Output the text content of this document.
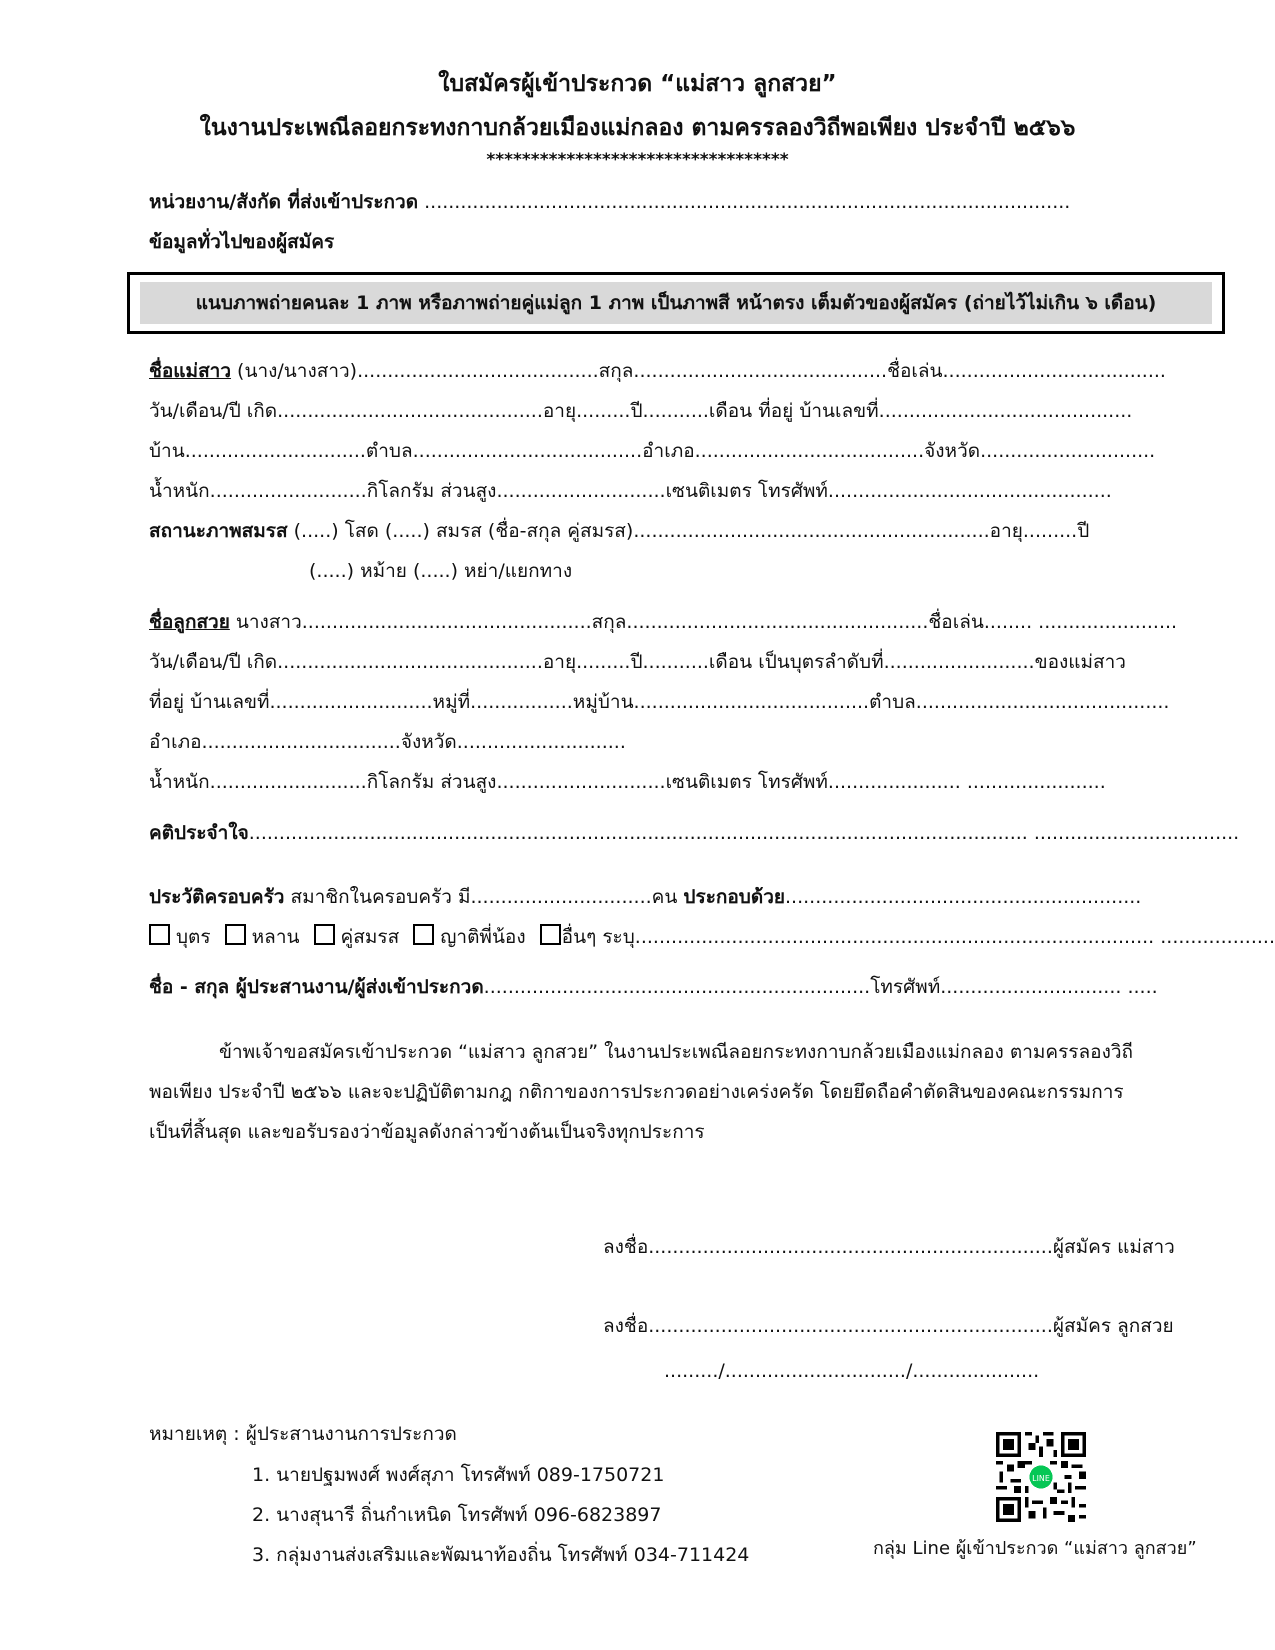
ใบสมัครผู้เข้าประกวด “แม่สาว ลูกสวย”
ในงานประเพณีลอยกระทงกาบกล้วยเมืองแม่กลอง ตามครรลองวิถีพอเพียง ประจำปี ๒๕๖๖
**********************************
หน่วยงาน/สังกัด ที่ส่งเข้าประกวด ...........................................................................................................
ข้อมูลทั่วไปของผู้สมัคร
แนบภาพถ่ายคนละ 1 ภาพ หรือภาพถ่ายคู่แม่ลูก 1 ภาพ เป็นภาพสี หน้าตรง เต็มตัวของผู้สมัคร (ถ่ายไว้ไม่เกิน ๖ เดือน)
ชื่อแม่สาว (นาง/นางสาว)........................................สกุล..........................................ชื่อเล่น.....................................
วัน/เดือน/ปี เกิด............................................อายุ.........ปี...........เดือน ที่อยู่ บ้านเลขที่..........................................
บ้าน..............................ตำบล......................................อำเภอ......................................จังหวัด.............................
น้ำหนัก..........................กิโลกรัม ส่วนสูง............................เซนติเมตร โทรศัพท์...............................................
สถานะภาพสมรส (.....) โสด (.....) สมรส (ชื่อ-สกุล คู่สมรส)...........................................................อายุ.........ปี
(.....) หม้าย (.....) หย่า/แยกทาง
ชื่อลูกสวย นางสาว................................................สกุล..................................................ชื่อเล่น........ .......................
วัน/เดือน/ปี เกิด............................................อายุ.........ปี...........เดือน เป็นบุตรลำดับที่.........................ของแม่สาว
ที่อยู่ บ้านเลขที่...........................หมู่ที่.................หมู่บ้าน.......................................ตำบล..........................................
อำเภอ.................................จังหวัด............................
น้ำหนัก..........................กิโลกรัม ส่วนสูง............................เซนติเมตร โทรศัพท์...................... .......................
คติประจำใจ................................................................................................................................. ..................................
ประวัติครอบครัว สมาชิกในครอบครัว มี..............................คน ประกอบด้วย...........................................................
บุตร หลาน คู่สมรส ญาติพี่น้อง อื่นๆ ระบุ...................................................................................... ...................
ชื่อ - สกุล ผู้ประสานงาน/ผู้ส่งเข้าประกวด................................................................โทรศัพท์.............................. .....
ข้าพเจ้าขอสมัครเข้าประกวด “แม่สาว ลูกสวย” ในงานประเพณีลอยกระทงกาบกล้วยเมืองแม่กลอง ตามครรลองวิถีพอเพียง ประจำปี ๒๕๖๖ และจะปฏิบัติตามกฎ กติกาของการประกวดอย่างเคร่งครัด โดยยึดถือคำตัดสินของคณะกรรมการเป็นที่สิ้นสุด และขอรับรองว่าข้อมูลดังกล่าวข้างต้นเป็นจริงทุกประการ
ลงชื่อ...................................................................ผู้สมัคร แม่สาว
ลงชื่อ...................................................................ผู้สมัคร ลูกสวย
........./............................../.....................
หมายเหตุ : ผู้ประสานงานการประกวด
1. นายปฐมพงศ์ พงศ์สุภา โทรศัพท์ 089-1750721
2. นางสุนารี ถิ่นกำเหนิด โทรศัพท์ 096-6823897
3. กลุ่มงานส่งเสริมและพัฒนาท้องถิ่น โทรศัพท์ 034-711424
LINE
กลุ่ม Line ผู้เข้าประกวด “แม่สาว ลูกสวย”
